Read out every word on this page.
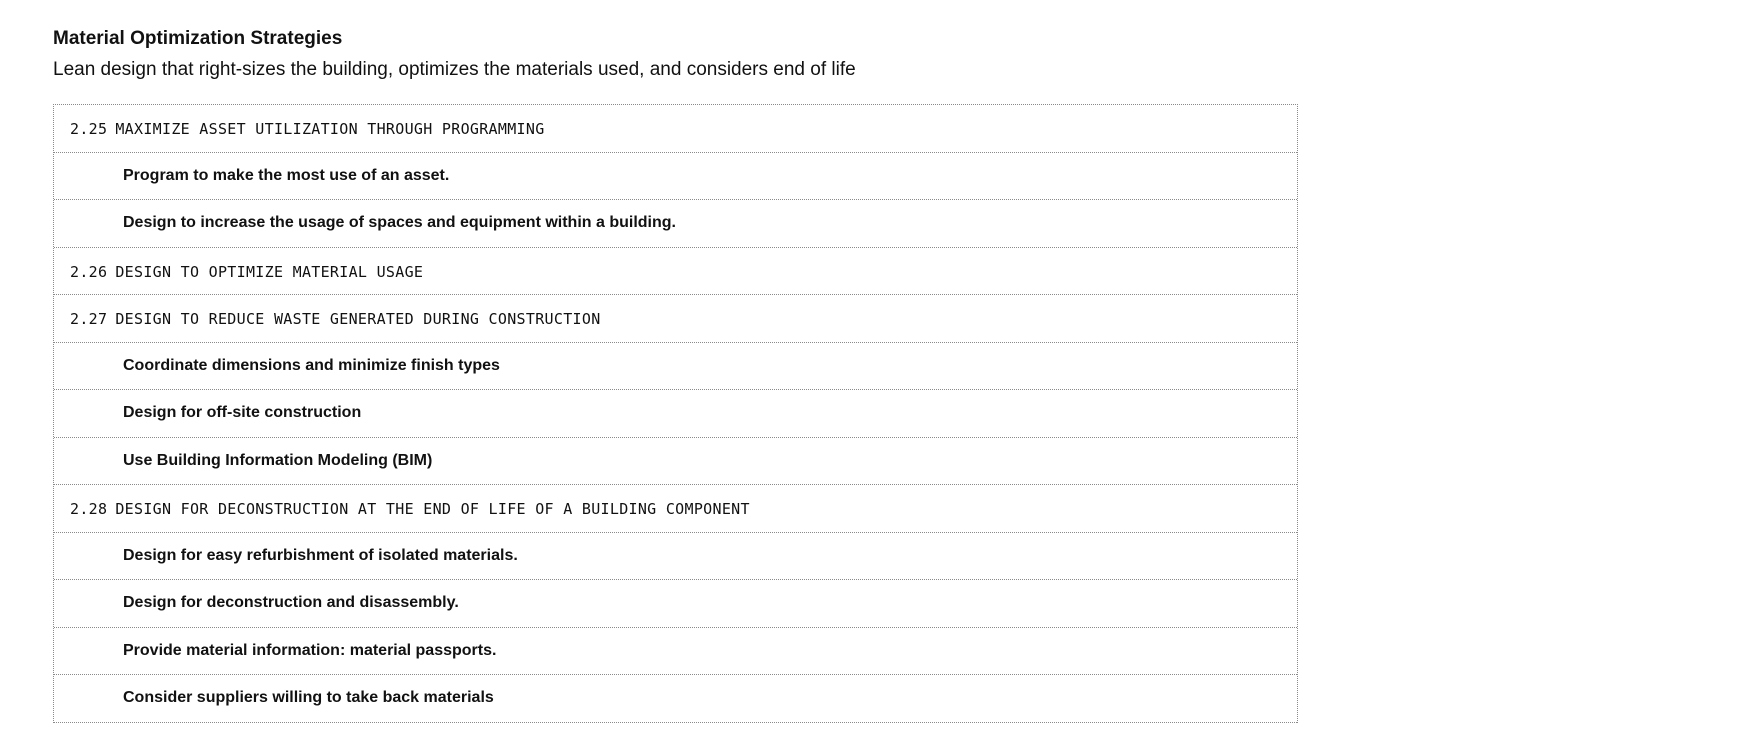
Material Optimization Strategies

Lean design that right-sizes the building, optimizes the materials used, and considers end of life

2.25 MAXIMIZE ASSET UTILIZATION THROUGH PROGRAMMING
Program to make the most use of an asset.
Design to increase the usage of spaces and equipment within a building.
2.26 DESIGN TO OPTIMIZE MATERIAL USAGE
2.27 DESIGN TO REDUCE WASTE GENERATED DURING CONSTRUCTION
Coordinate dimensions and minimize finish types
Design for off-site construction
Use Building Information Modeling (BIM)
2.28 DESIGN FOR DECONSTRUCTION AT THE END OF LIFE OF A BUILDING COMPONENT
Design for easy refurbishment of isolated materials.
Design for deconstruction and disassembly.
Provide material information: material passports.
Consider suppliers willing to take back materials
